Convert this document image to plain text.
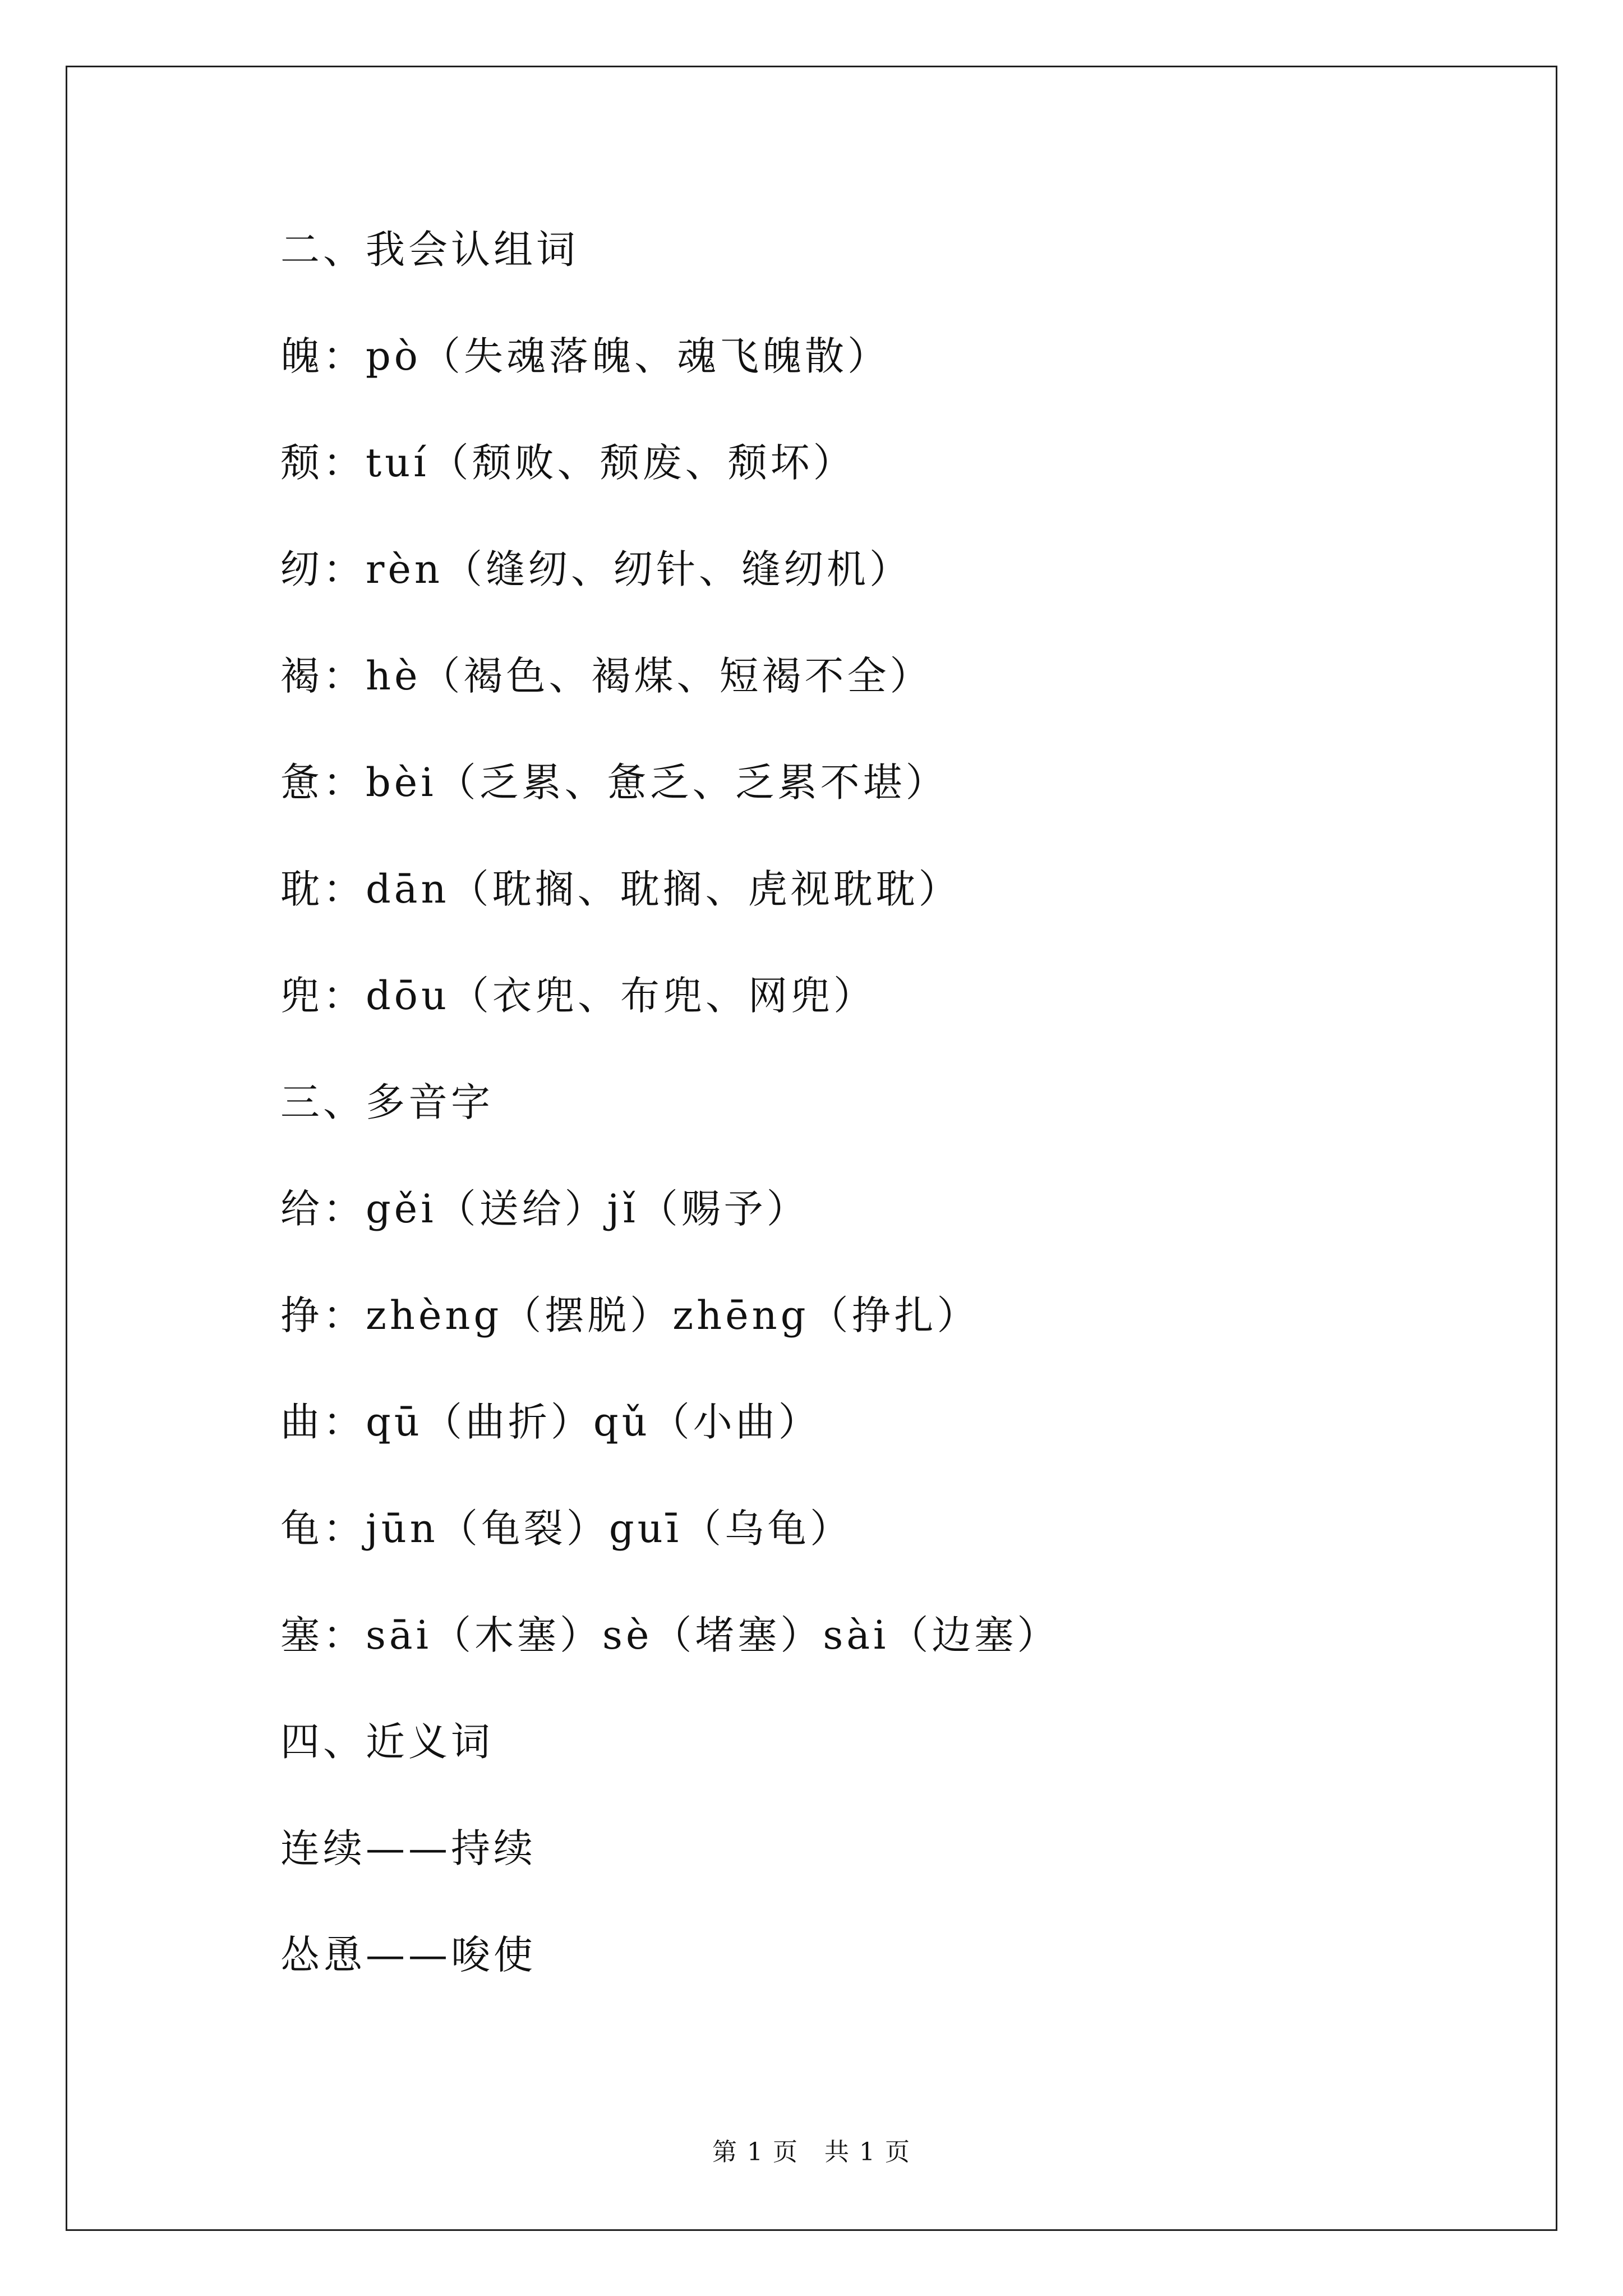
二、我会认组词
魄：pò（失魂落魄、魂飞魄散）
颓：tuí（颓败、颓废、颓坏）
纫：rèn（缝纫、纫针、缝纫机）
褐：hè（褐色、褐煤、短褐不全）
惫：bèi（乏累、惫乏、乏累不堪）
耽：dān（耽搁、耽搁、虎视耽耽）
兜：dōu（衣兜、布兜、网兜）
三、多音字
给：gěi（送给）jǐ（赐予）
挣：zhèng（摆脱）zhēng（挣扎）
曲：qū（曲折）qǔ（小曲）
龟：jūn（龟裂）guī（乌龟）
塞：sāi（木塞）sè（堵塞）sài（边塞）
四、近义词
连续——持续
怂恿——唆使
第 1 页　共 1 页
